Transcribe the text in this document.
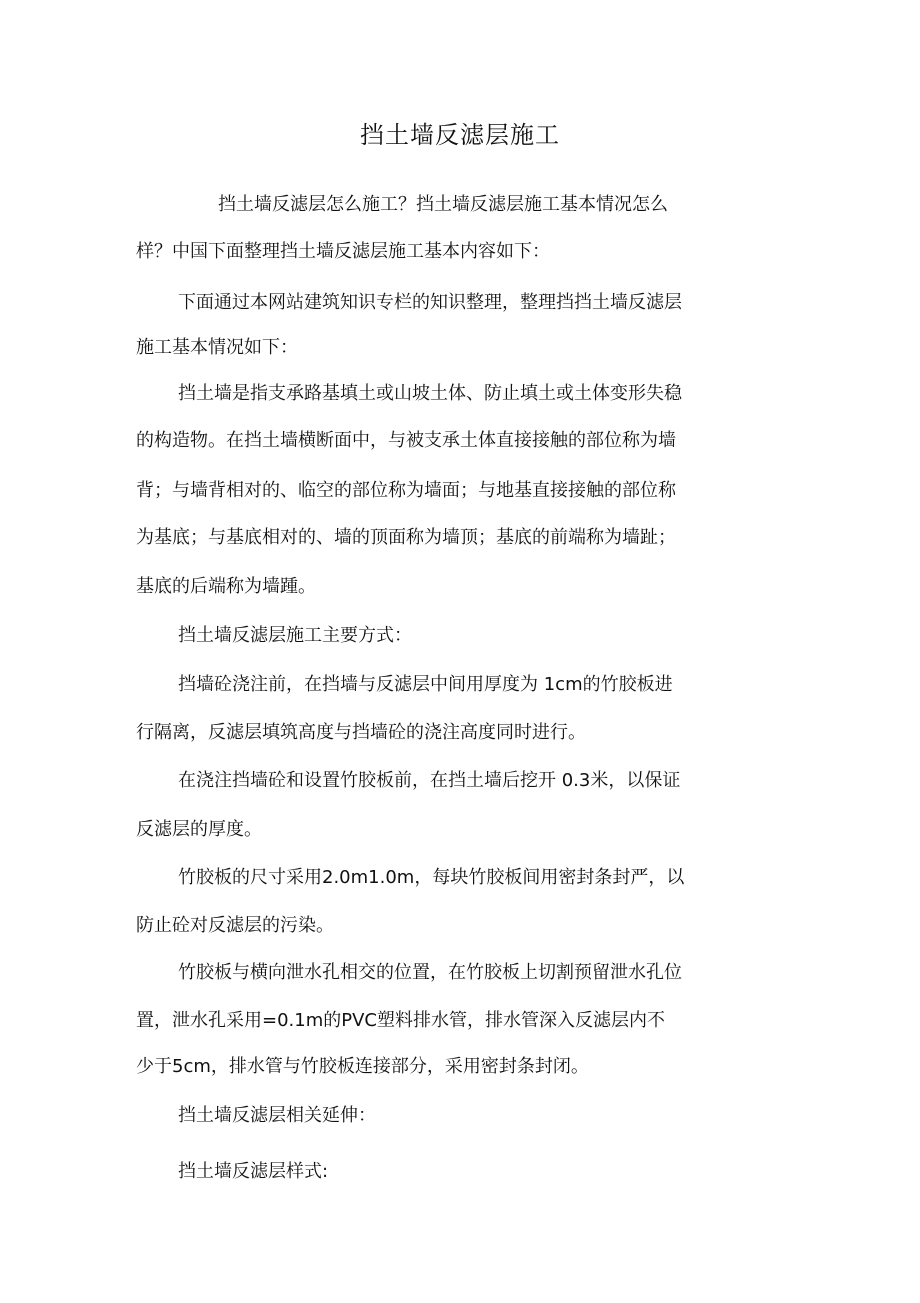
挡土墙反滤层施工
挡土墙反滤层怎么施工？挡土墙反滤层施工基本情况怎么
样？中国下面整理挡土墙反滤层施工基本内容如下：
下面通过本网站建筑知识专栏的知识整理，整理挡挡土墙反滤层
施工基本情况如下：
挡土墙是指支承路基填土或山坡土体、防止填土或土体变形失稳
的构造物。在挡土墙横断面中，与被支承土体直接接触的部位称为墙
背；与墙背相对的、临空的部位称为墙面；与地基直接接触的部位称
为基底；与基底相对的、墙的顶面称为墙顶；基底的前端称为墙趾；
基底的后端称为墙踵。
挡土墙反滤层施工主要方式：
挡墙砼浇注前，在挡墙与反滤层中间用厚度为 1cm的竹胶板进
行隔离，反滤层填筑高度与挡墙砼的浇注高度同时进行。
在浇注挡墙砼和设置竹胶板前，在挡土墙后挖开 0.3米，以保证
反滤层的厚度。
竹胶板的尺寸采用2.0m1.0m，每块竹胶板间用密封条封严，以
防止砼对反滤层的污染。
竹胶板与横向泄水孔相交的位置，在竹胶板上切割预留泄水孔位
置，泄水孔采用=0.1m的PVC塑料排水管，排水管深入反滤层内不
少于5cm，排水管与竹胶板连接部分，采用密封条封闭。
挡土墙反滤层相关延伸：
挡土墙反滤层样式:
